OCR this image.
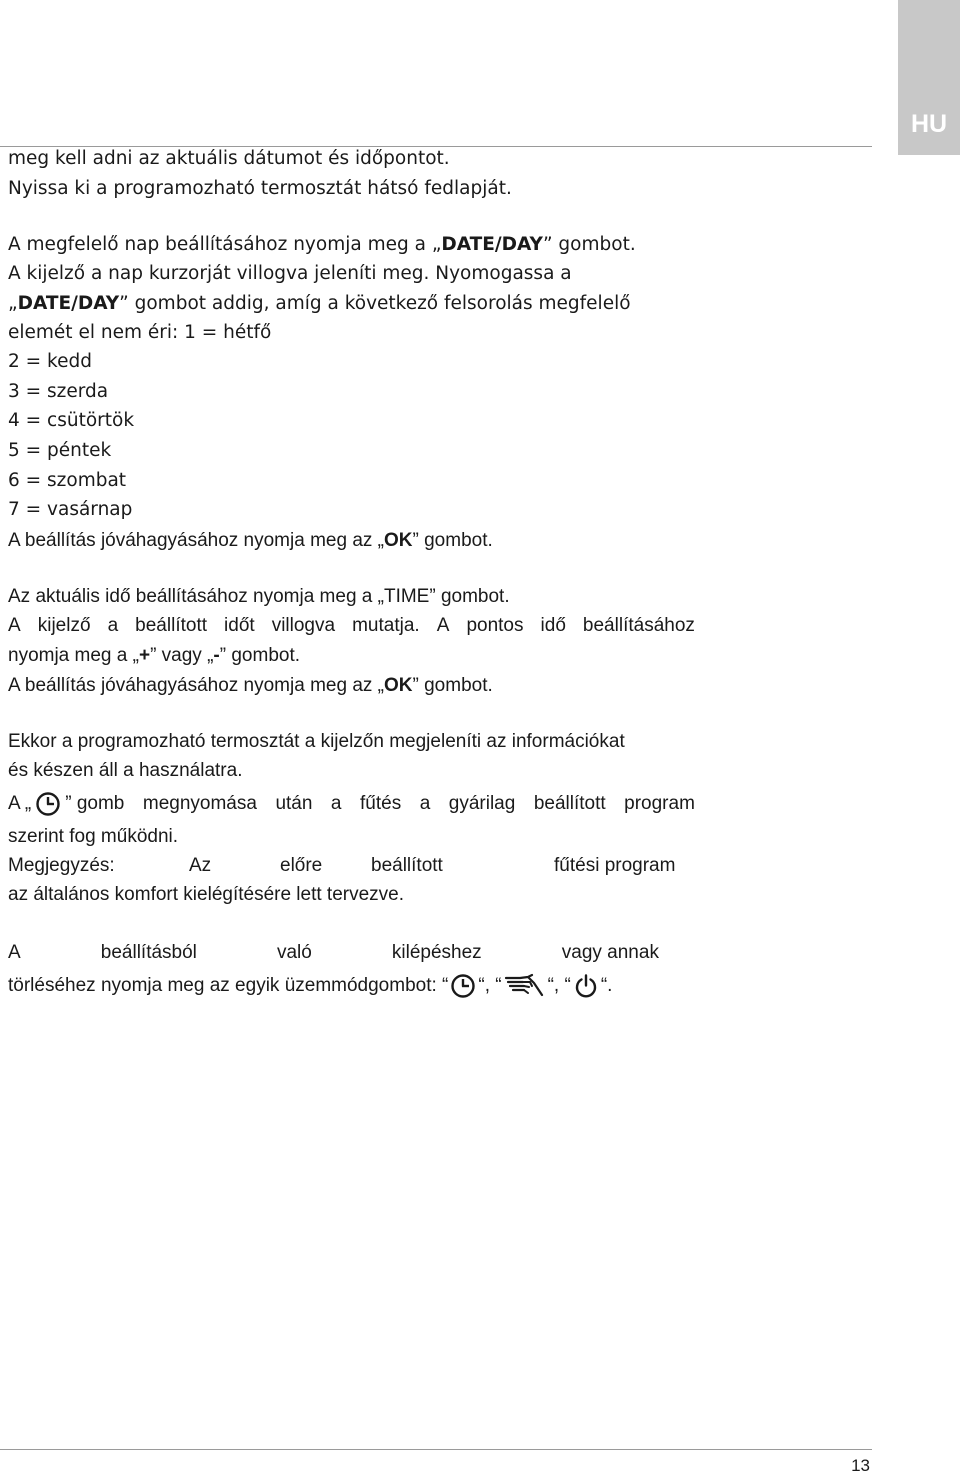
HU
meg kell adni az aktuális dátumot és időpontot.
Nyissa ki a programozható termosztát hátsó fedlapját.
A megfelelő nap beállításához nyomja meg a „DATE/DAY” gombot.
A kijelző a nap kurzorját villogva jeleníti meg. Nyomogassa a
„DATE/DAY” gombot addig, amíg a következő felsorolás megfelelő
elemét el nem éri: 1 = hétfő
2 = kedd
3 = szerda
4 = csütörtök
5 = péntek
6 = szombat
7 = vasárnap
A beállítás jóváhagyásához nyomja meg az „OK” gombot.
Az aktuális idő beállításához nyomja meg a „TIME” gombot.
A kijelző a beállított időt villogva mutatja. A pontos idő beállításához
nyomja meg a „+” vagy „-” gombot.
A beállítás jóváhagyásához nyomja meg az „OK” gombot.
Ekkor a programozható termosztát a kijelzőn megjeleníti az információkat
és készen áll a használatra.
A „ ” gomb megnyomása után a fűtés a gyárilag beállított program
szerint fog működni.
Megjegyzés:	Az	előre	beállított	fűtési program
az általános komfort kielégítésére lett tervezve.
A	beállításból	való	kilépéshez	vagy annak
törléséhez nyomja meg az egyik üzemmódgombot: “ “, “ “, “ “.
13
